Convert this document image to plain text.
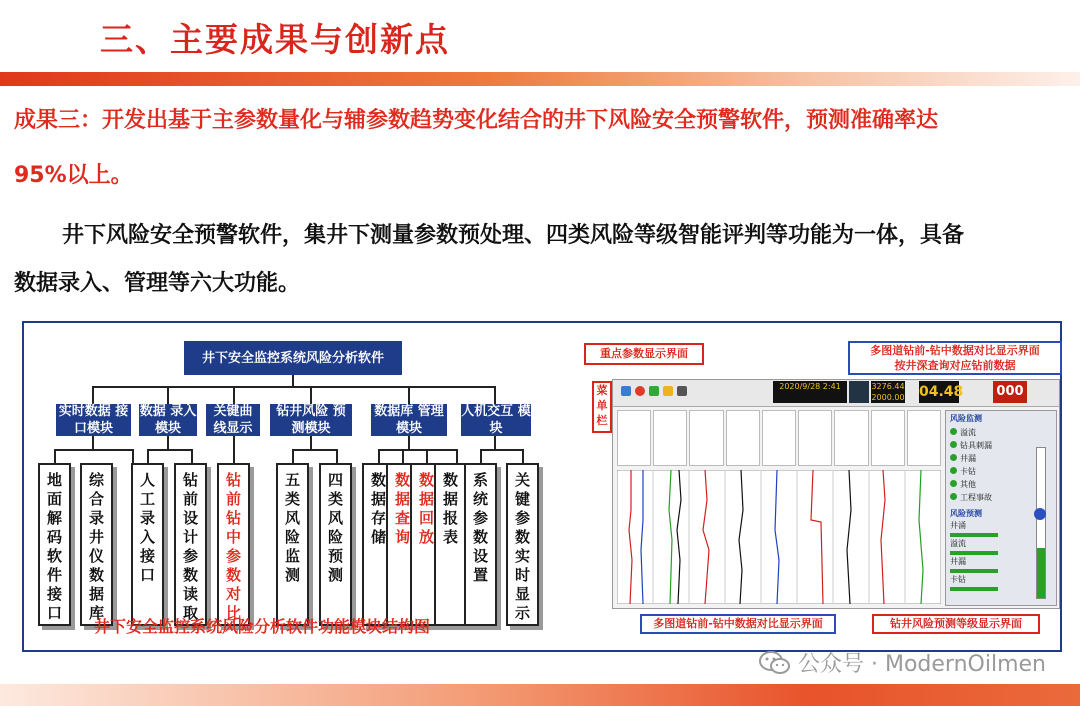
三、主要成果与创新点
成果三：开发出基于主参数量化与辅参数趋势变化结合的井下风险安全预警软件，预测准确率达
95%以上。
井下风险安全预警软件，集井下测量参数预处理、四类风险等级智能评判等功能为一体，具备
数据录入、管理等六大功能。
井下安全监控系统风险分析软件
实时数据 接口模块
数据 录入模块
关键曲 线显示
钻井风险 预测模块
数据库 管理模块
人机交互 模块
地面解码软件接口
综合录井仪数据库
人工录入接口
钻前设计参数读取
钻前钻中参数对比
五类风险监测
四类风险预测
数据存储
数据查询
数据回放
数据报表
系统参数设置
关键参数实时显示
井下安全监控系统风险分析软件功能模块结构图
重点参数显示界面	多图道钻前-钻中数据对比显示界面
按井深查询对应钻前数据
2020/9/28 2:41	3276.44
2000.00 04.48	000
风险监测
溢流
钻具刺漏
井漏
卡钻
其他
工程事故
风险预测
井涌
溢流
井漏
卡钻
菜
单
栏
多图道钻前-钻中数据对比显示界面	钻井风险预测等级显示界面
公众号 · ModernOilmen
